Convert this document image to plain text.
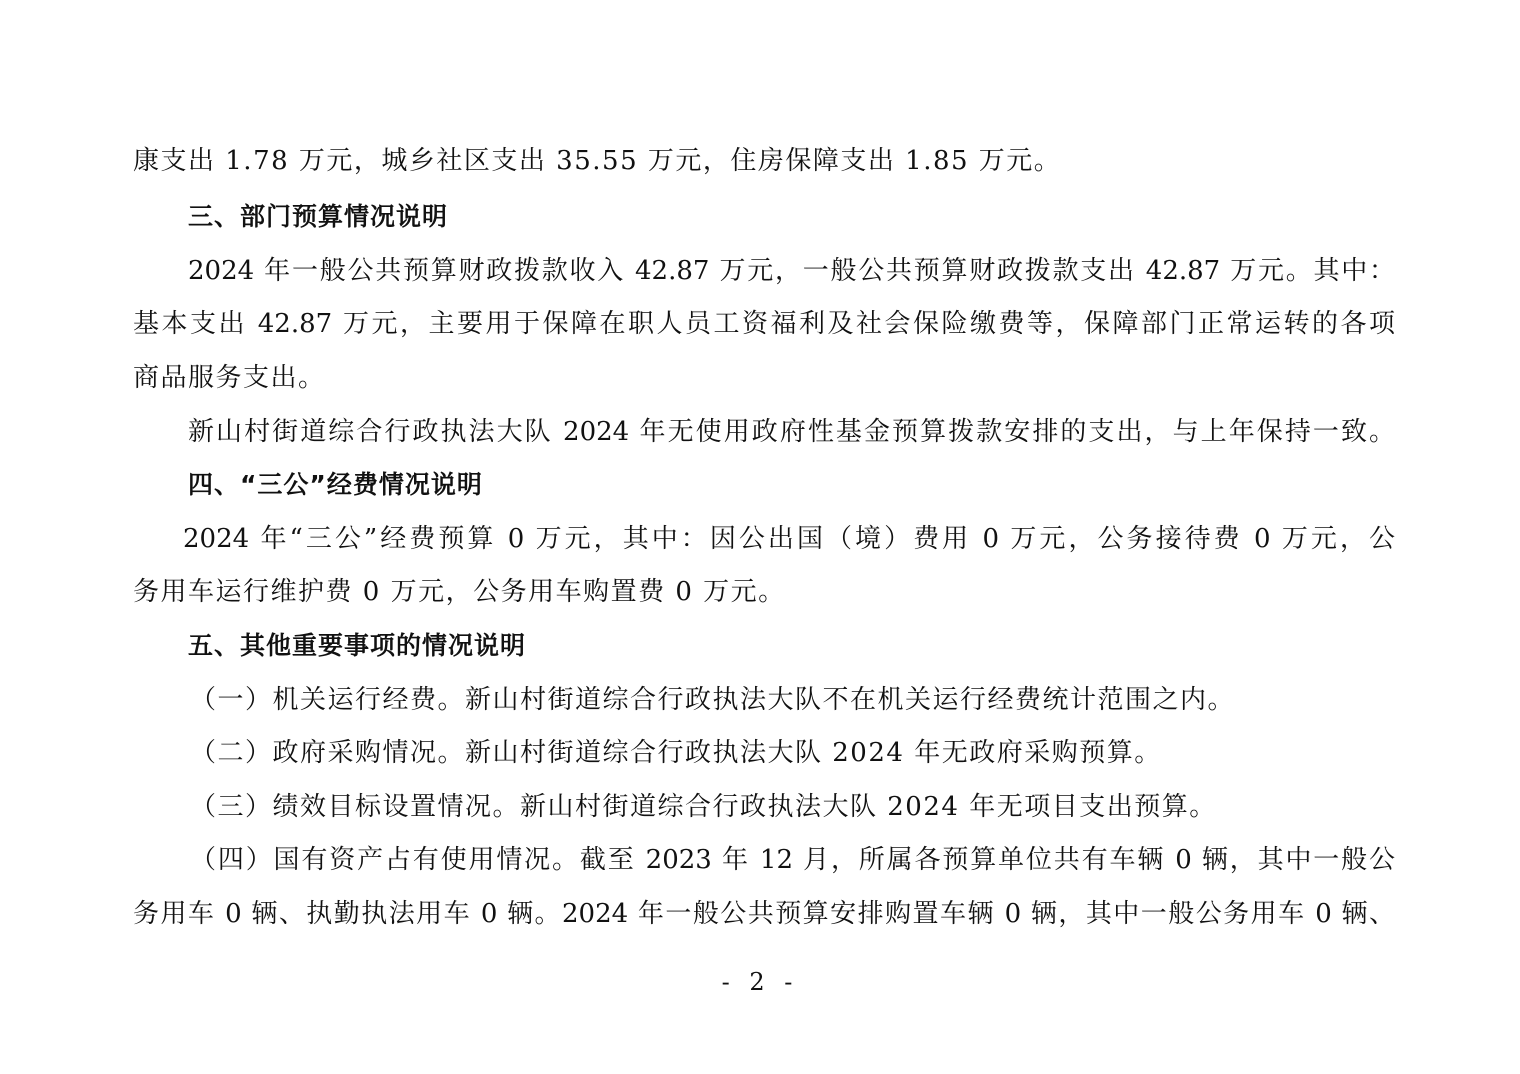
康支出 1.78 万元，城乡社区支出 35.55 万元，住房保障支出 1.85 万元。
三、部门预算情况说明
2024 年一般公共预算财政拨款收入 42.87 万元，一般公共预算财政拨款支出 42.87 万元。其中：
基本支出 42.87 万元，主要用于保障在职人员工资福利及社会保险缴费等，保障部门正常运转的各项
商品服务支出。
新山村街道综合行政执法大队 2024 年无使用政府性基金预算拨款安排的支出，与上年保持一致。
四、“三公”经费情况说明
2024 年“三公”经费预算 0 万元，其中：因公出国（境）费用 0 万元，公务接待费 0 万元，公
务用车运行维护费 0 万元，公务用车购置费 0 万元。
五、其他重要事项的情况说明
（一）机关运行经费。新山村街道综合行政执法大队不在机关运行经费统计范围之内。
（二）政府采购情况。新山村街道综合行政执法大队 2024 年无政府采购预算。
（三）绩效目标设置情况。新山村街道综合行政执法大队 2024 年无项目支出预算。
（四）国有资产占有使用情况。截至 2023 年 12 月，所属各预算单位共有车辆 0 辆，其中一般公
务用车 0 辆、执勤执法用车 0 辆。2024 年一般公共预算安排购置车辆 0 辆，其中一般公务用车 0 辆、
- 2 -
